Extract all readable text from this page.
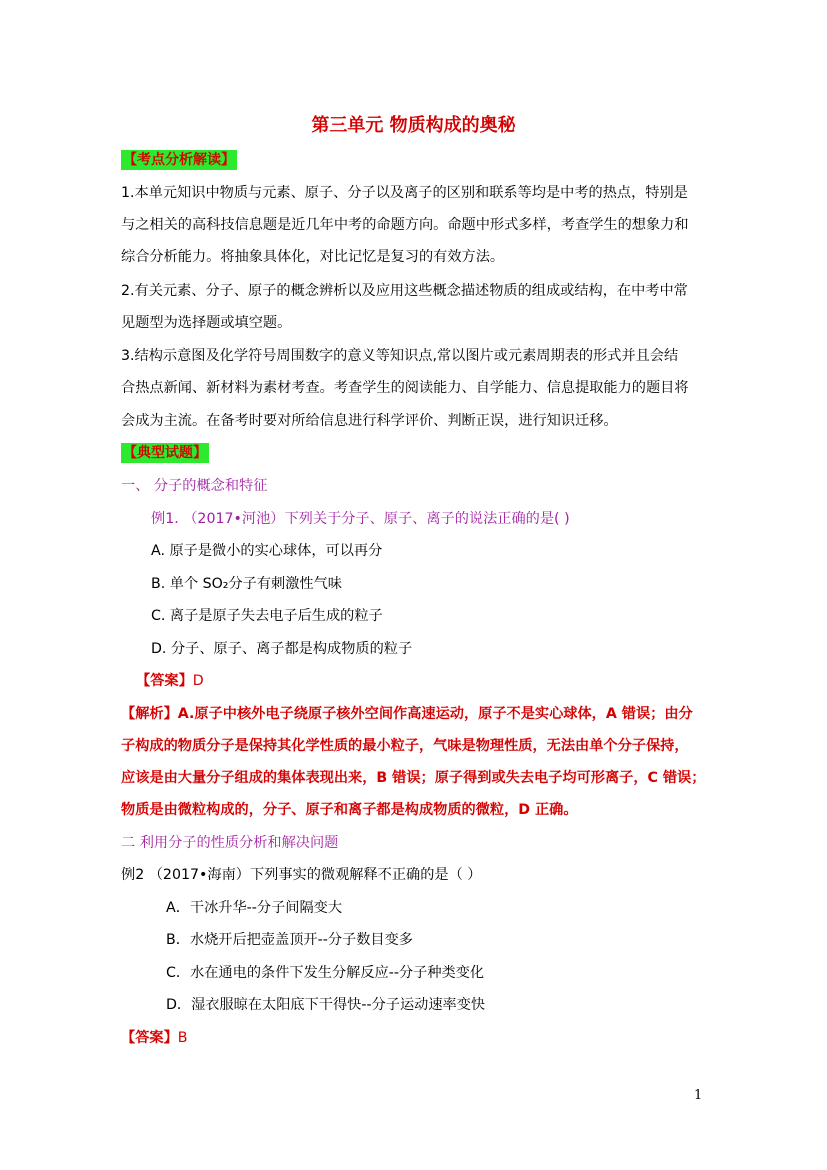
第三单元 物质构成的奥秘
【考点分析解读】
1.本单元知识中物质与元素、原子、分子以及离子的区别和联系等均是中考的热点，特别是
与之相关的高科技信息题是近几年中考的命题方向。命题中形式多样，考查学生的想象力和
综合分析能力。将抽象具体化，对比记忆是复习的有效方法。
2.有关元素、分子、原子的概念辨析以及应用这些概念描述物质的组成或结构，在中考中常
见题型为选择题或填空题。
3.结构示意图及化学符号周围数字的意义等知识点,常以图片或元素周期表的形式并且会结
合热点新闻、新材料为素材考查。考查学生的阅读能力、自学能力、信息提取能力的题目将
会成为主流。在备考时要对所给信息进行科学评价、判断正误，进行知识迁移。
【典型试题】
一、 分子的概念和特征
例1. （2017•河池）下列关于分子、原子、离子的说法正确的是( )
A. 原子是微小的实心球体，可以再分
B. 单个 SO₂分子有刺激性气味
C. 离子是原子失去电子后生成的粒子
D. 分子、原子、离子都是构成物质的粒子
【答案】D
【解析】A.原子中核外电子绕原子核外空间作高速运动，原子不是实心球体，A 错误；由分
子构成的物质分子是保持其化学性质的最小粒子，气味是物理性质，无法由单个分子保持，
应该是由大量分子组成的集体表现出来，B 错误；原子得到或失去电子均可形离子，C 错误；
物质是由微粒构成的，分子、原子和离子都是构成物质的微粒，D 正确。
二 利用分子的性质分析和解决问题
例2 （2017•海南）下列事实的微观解释不正确的是（ ）
A．干冰升华--分子间隔变大
B．水烧开后把壶盖顶开--分子数目变多
C．水在通电的条件下发生分解反应--分子种类变化
D．湿衣服晾在太阳底下干得快--分子运动速率变快
【答案】B
1
